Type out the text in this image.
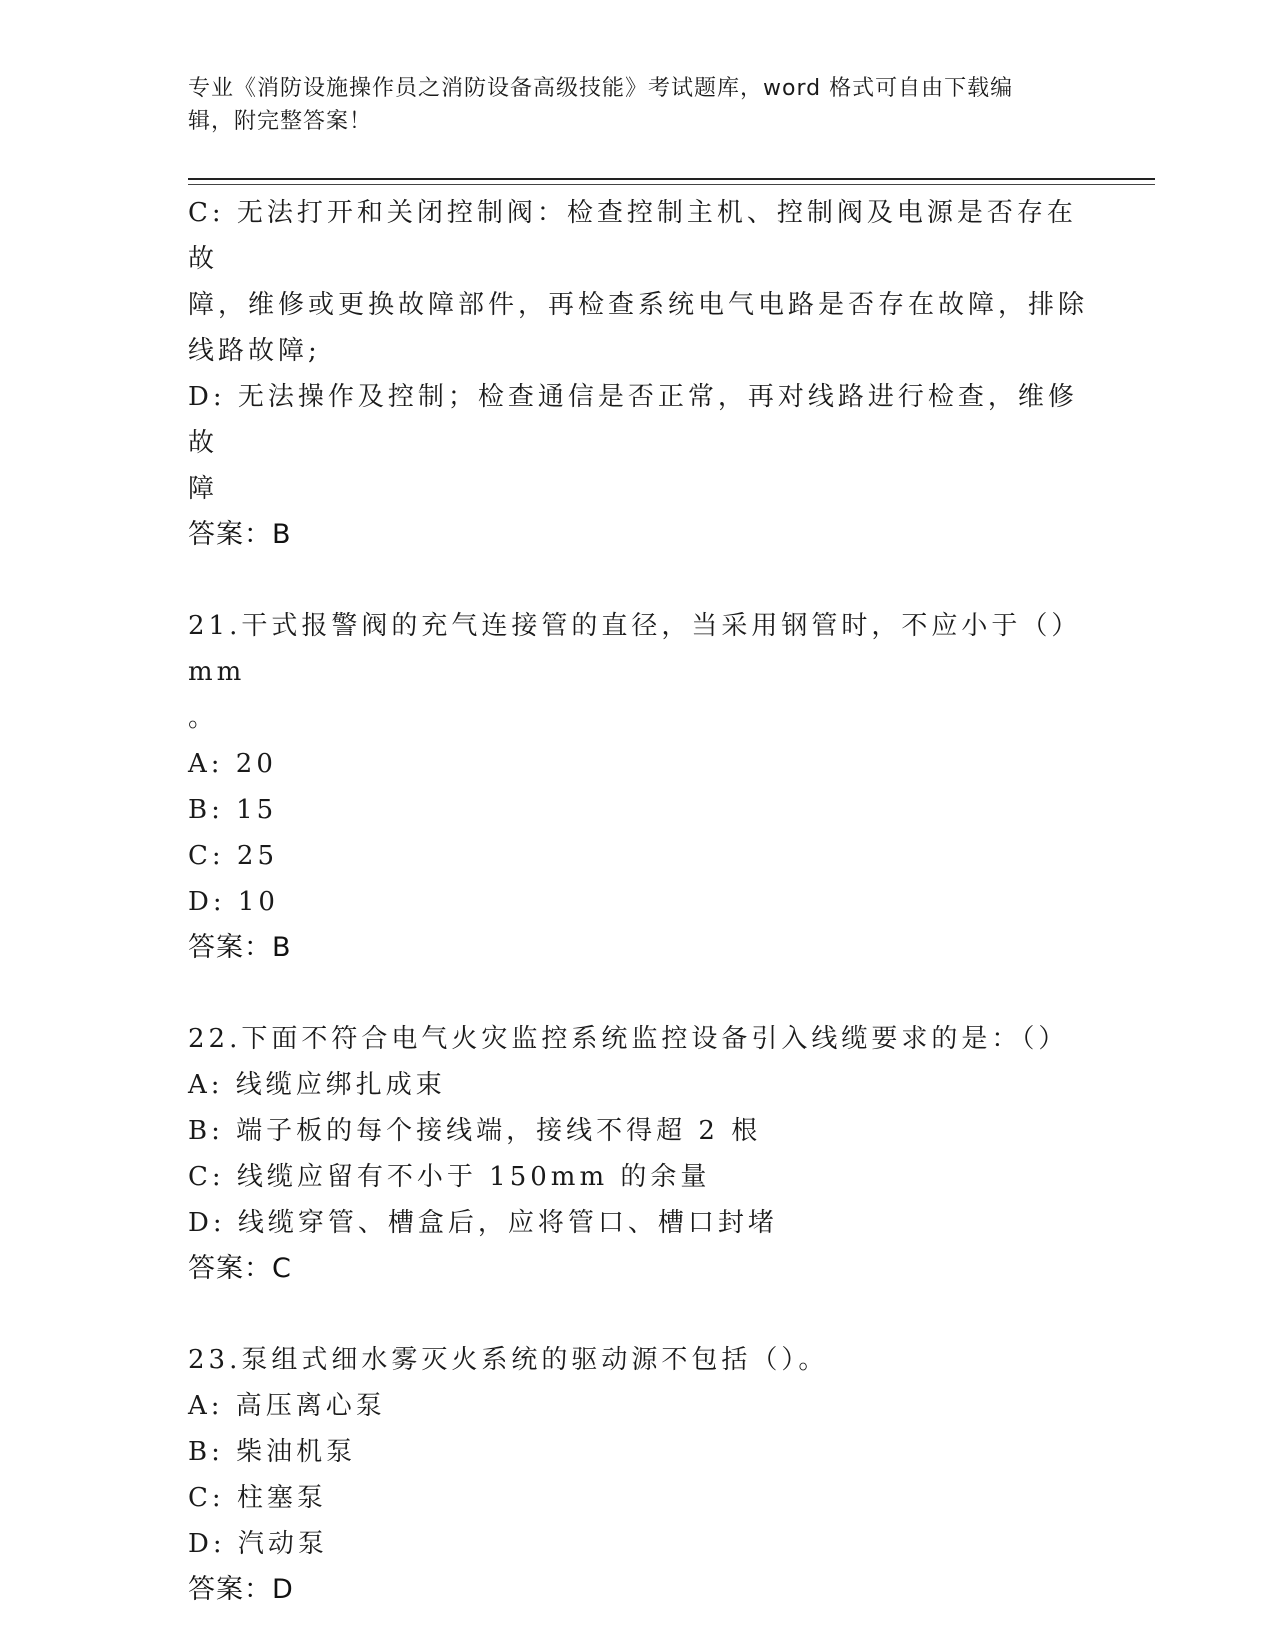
专业《消防设施操作员之消防设备高级技能》考试题库，word 格式可自由下载编
辑，附完整答案！
C: 无法打开和关闭控制阀：检查控制主机、控制阀及电源是否存在故
障，维修或更换故障部件，再检查系统电气电路是否存在故障，排除
线路故障;
D: 无法操作及控制；检查通信是否正常，再对线路进行检查，维修故
障
答案：B
21.干式报警阀的充气连接管的直径，当采用钢管时，不应小于（）mm
。
A: 20
B: 15
C: 25
D: 10
答案：B
22.下面不符合电气火灾监控系统监控设备引入线缆要求的是：（）
A: 线缆应绑扎成束
B: 端子板的每个接线端，接线不得超 2 根
C: 线缆应留有不小于 150mm 的余量
D: 线缆穿管、槽盒后，应将管口、槽口封堵
答案：C
23.泵组式细水雾灭火系统的驱动源不包括（）。
A: 高压离心泵
B: 柴油机泵
C: 柱塞泵
D: 汽动泵
答案：D
